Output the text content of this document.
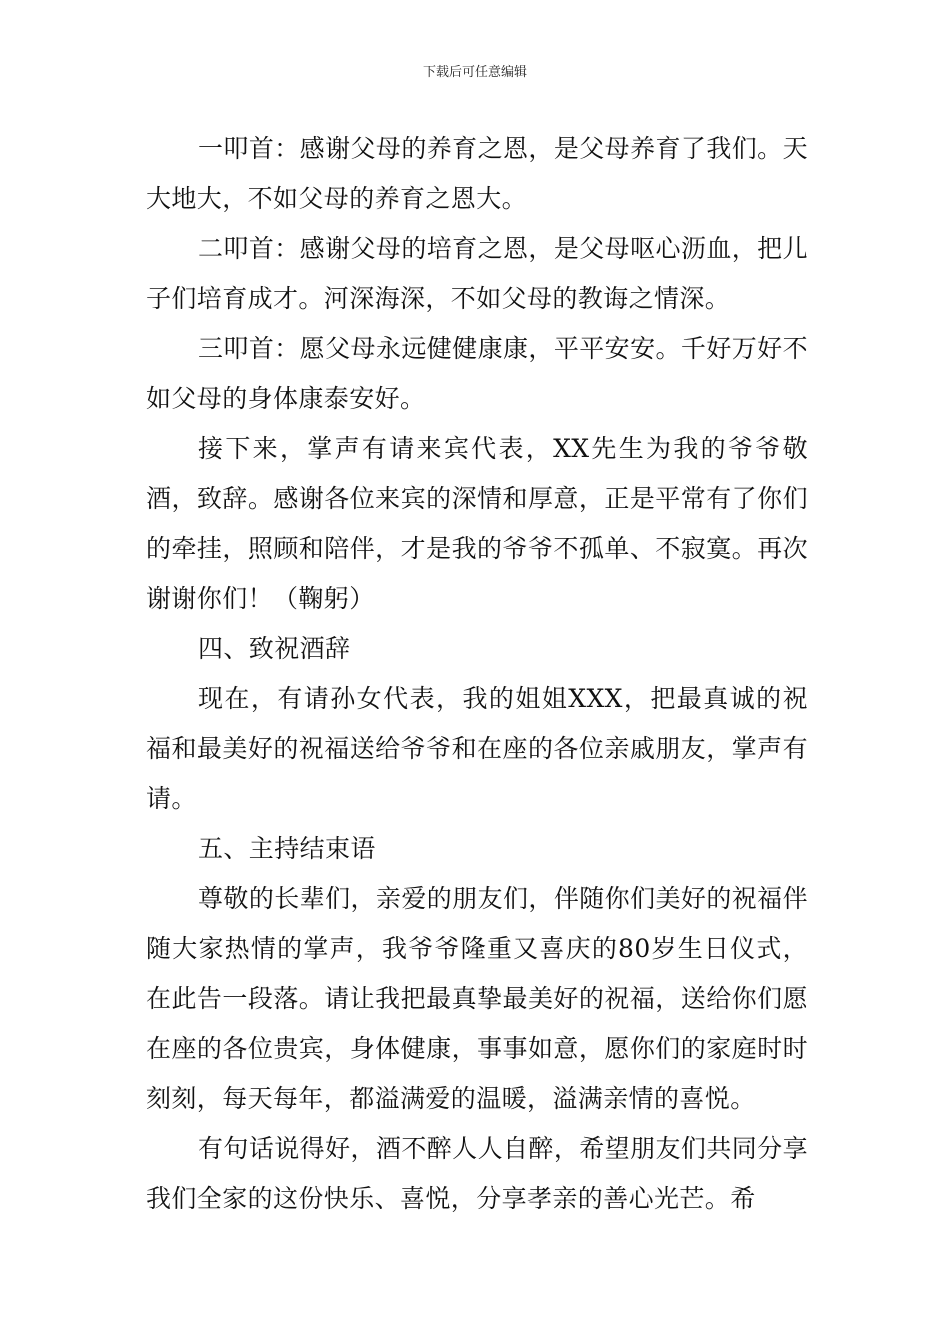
下载后可任意编辑

一叩首：感谢父母的养育之恩，是父母养育了我们。天大地大，不如父母的养育之恩大。

二叩首：感谢父母的培育之恩，是父母呕心沥血，把儿子们培育成才。河深海深，不如父母的教诲之情深。

三叩首：愿父母永远健健康康，平平安安。千好万好不如父母的身体康泰安好。

接下来，掌声有请来宾代表，XX先生为我的爷爷敬酒，致辞。感谢各位来宾的深情和厚意，正是平常有了你们的牵挂，照顾和陪伴，才是我的爷爷不孤单、不寂寞。再次谢谢你们！（鞠躬）

四、致祝酒辞

现在，有请孙女代表，我的姐姐XXX，把最真诚的祝福和最美好的祝福送给爷爷和在座的各位亲戚朋友，掌声有请。

五、主持结束语

尊敬的长辈们，亲爱的朋友们，伴随你们美好的祝福伴随大家热情的掌声，我爷爷隆重又喜庆的80岁生日仪式，在此告一段落。请让我把最真挚最美好的祝福，送给你们愿在座的各位贵宾，身体健康，事事如意，愿你们的家庭时时刻刻，每天每年，都溢满爱的温暖，溢满亲情的喜悦。

有句话说得好，酒不醉人人自醉，希望朋友们共同分享我们全家的这份快乐、喜悦，分享孝亲的善心光芒。希
